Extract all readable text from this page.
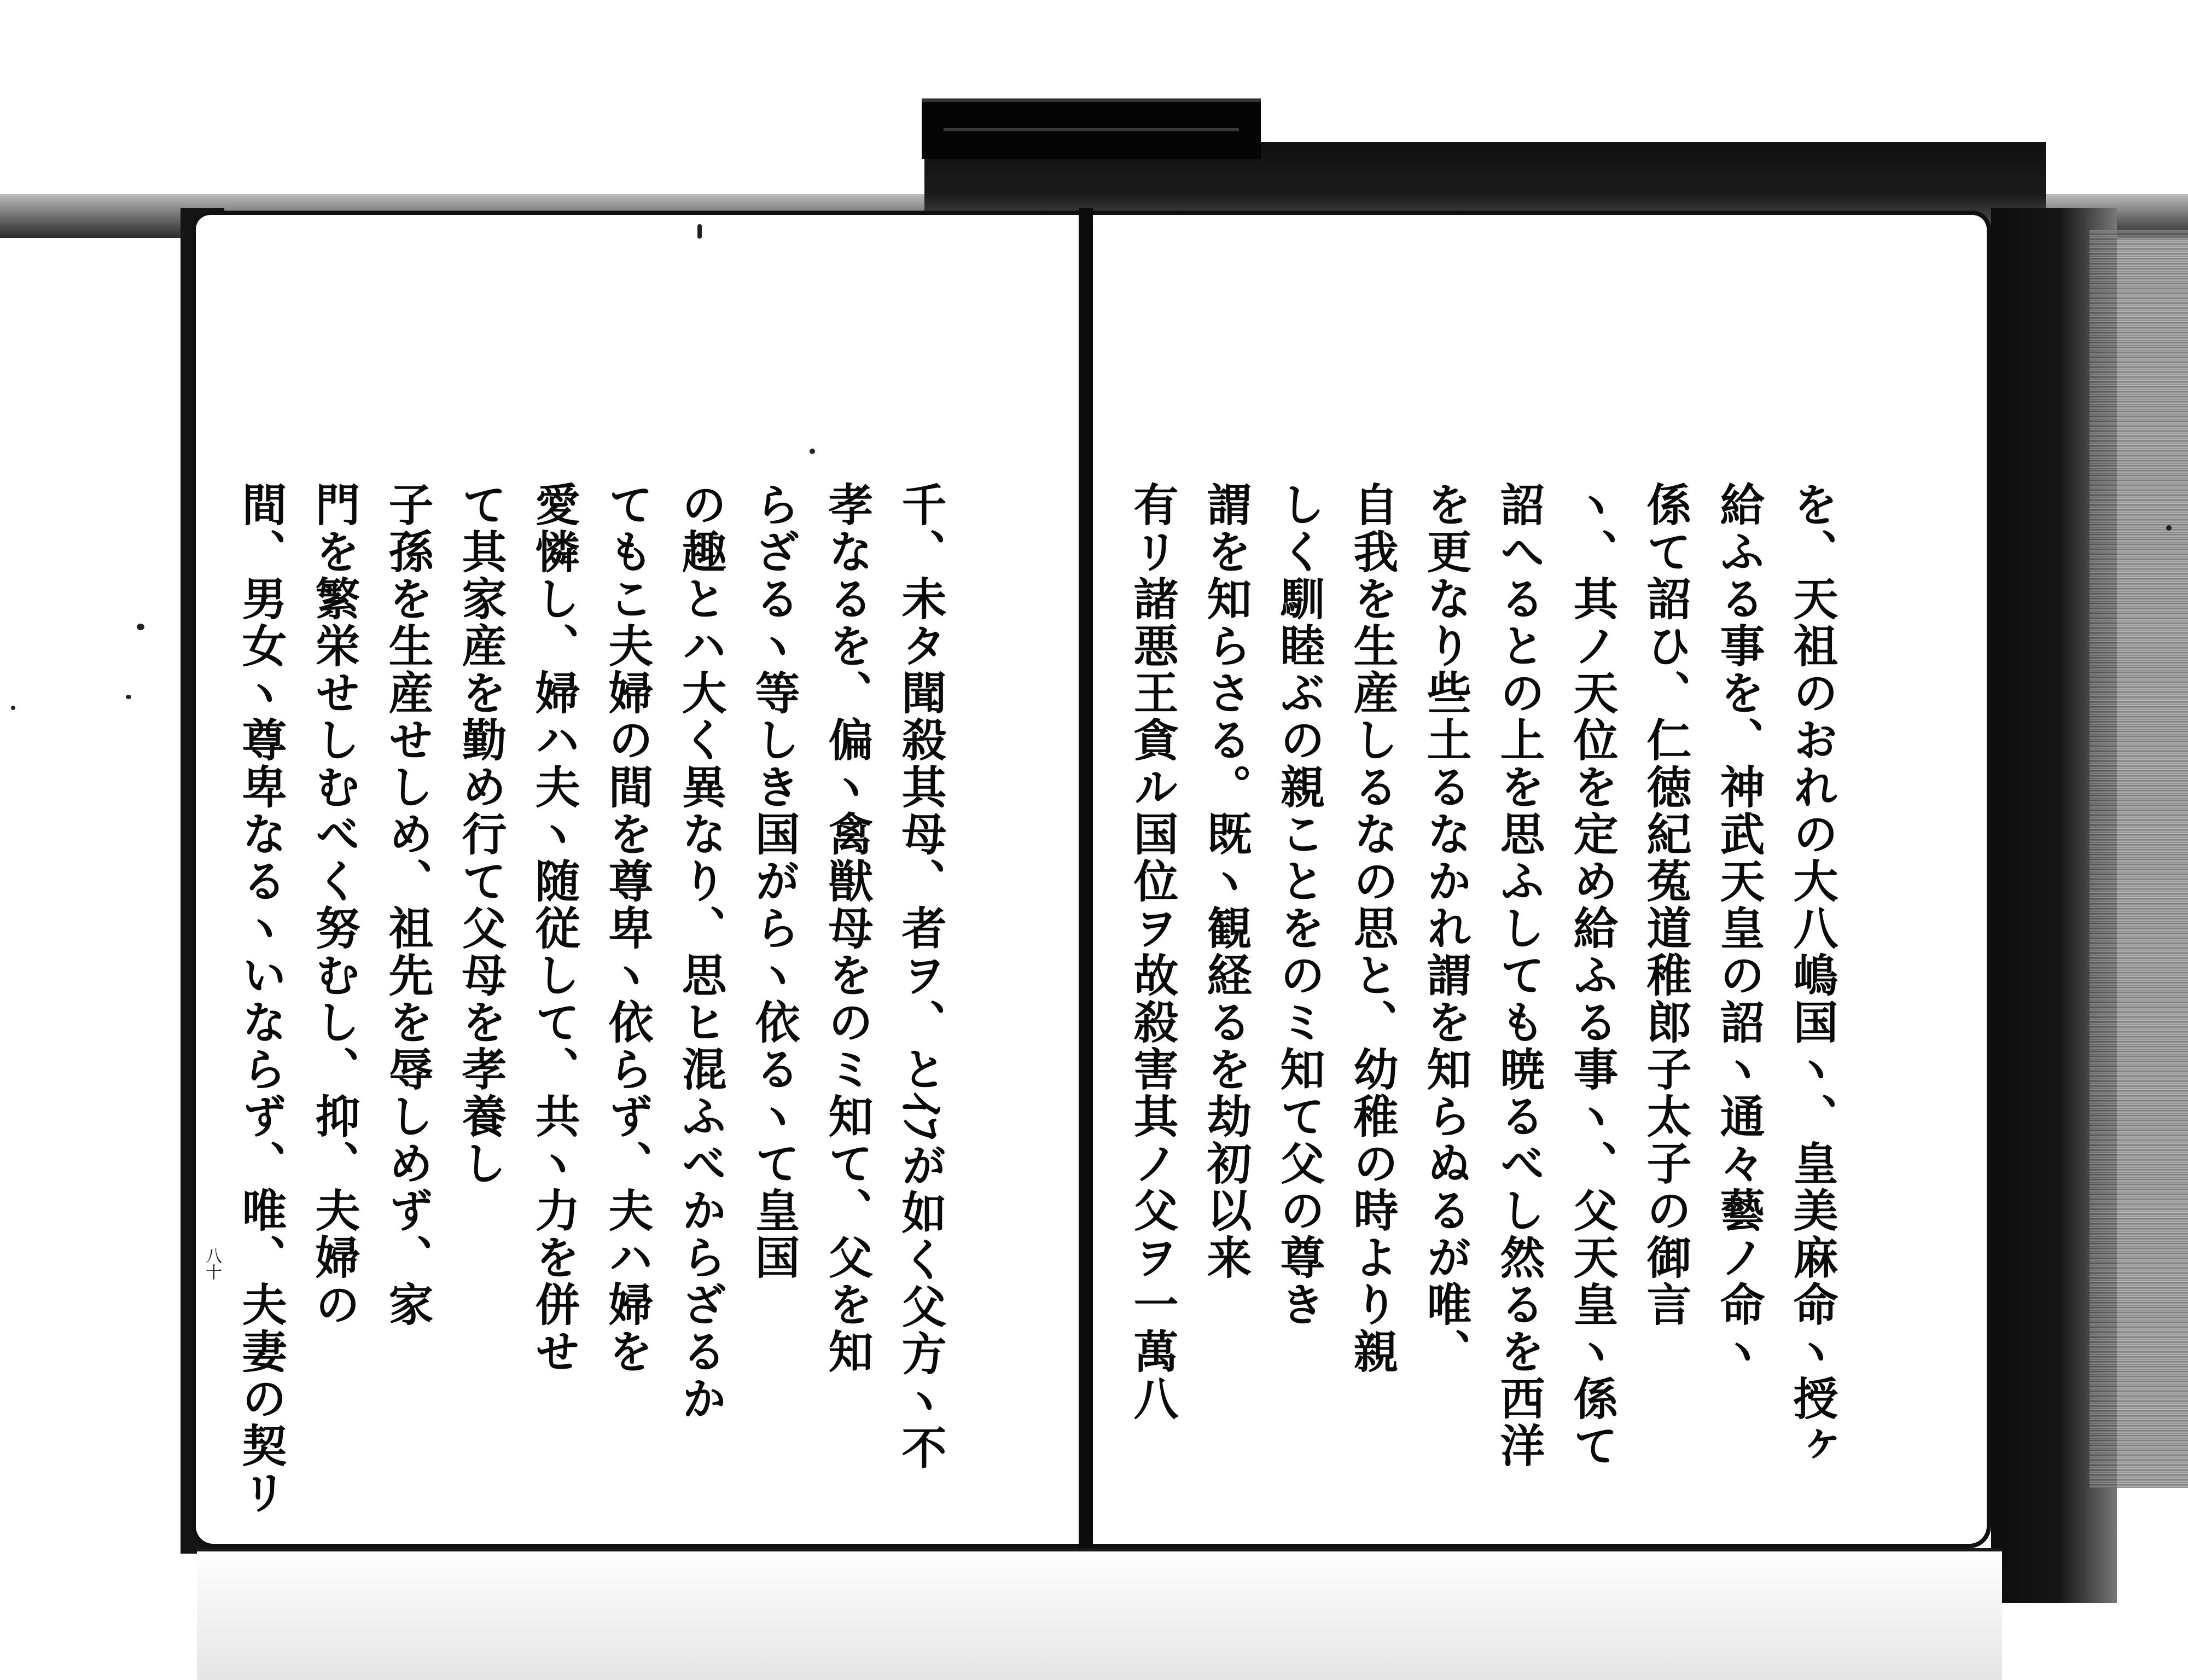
を、天祖のおれの大八嶋国ヽ、皇美麻命ヽ授ヶ
給ふる事を、神武天皇の詔ヽ通々藝ノ命ヽ
係て詔ひ、仁徳紀菟道稚郎子太子の御言
ヽ、其ノ天位を定め給ふる事ヽ、父天皇ヽ係て
詔へるとの上を思ふしても暁るべし然るを西洋
を更なり些土るなかれ謂を知らぬるが唯、
自我を生産しるなの思と、幼稚の時より親
しく馴睦ぶの親ことをのミ知て父の尊き
謂を知らさる。既ヽ観経るを劫初以来
有リ諸悪王貪ル国位ヲ故殺害其ノ父ヲ一萬八
千、未タ聞殺其母、者ヲ、とｲﾌが如く父方ヽ不
孝なるを、偏ヽ禽獣母をのミ知て、父を知
らざるヽ等しき国がらヽ依るヽて皇国
の趣とハ大く異なり、思ヒ混ふべからざるか
てもこ夫婦の間を尊卑ヽ依らず、夫ハ婦を
愛憐し、婦ハ夫ヽ随従して、共ヽ力を併せ
て其家産を勤め行て父母を孝養し
子孫を生産せしめ、祖先を辱しめず、家
門を繁栄せしむべく努むし、抑、夫婦の
間、男女ヽ尊卑なるヽいならず、唯、夫妻の契リ
八十
